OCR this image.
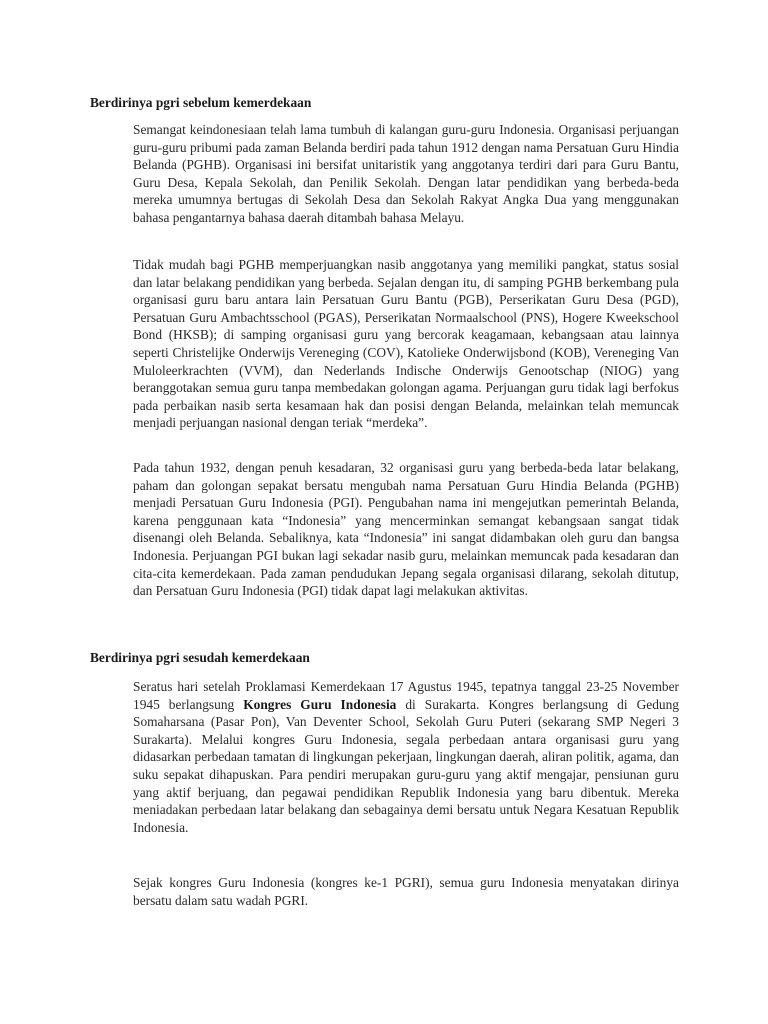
Berdirinya pgri sebelum kemerdekaan

Semangat keindonesiaan telah lama tumbuh di kalangan guru-guru Indonesia. Organisasi perjuangan guru-guru pribumi pada zaman Belanda berdiri pada tahun 1912 dengan nama Persatuan Guru Hindia Belanda (PGHB). Organisasi ini bersifat unitaristik yang anggotanya terdiri dari para Guru Bantu, Guru Desa, Kepala Sekolah, dan Penilik Sekolah. Dengan latar pendidikan yang berbeda-beda mereka umumnya bertugas di Sekolah Desa dan Sekolah Rakyat Angka Dua yang menggunakan bahasa pengantarnya bahasa daerah ditambah bahasa Melayu.

Tidak mudah bagi PGHB memperjuangkan nasib anggotanya yang memiliki pangkat, status sosial dan latar belakang pendidikan yang berbeda. Sejalan dengan itu, di samping PGHB berkembang pula organisasi guru baru antara lain Persatuan Guru Bantu (PGB), Perserikatan Guru Desa (PGD), Persatuan Guru Ambachtsschool (PGAS), Perserikatan Normaalschool (PNS), Hogere Kweekschool Bond (HKSB); di samping organisasi guru yang bercorak keagamaan, kebangsaan atau lainnya seperti Christelijke Onderwijs Vereneging (COV), Katolieke Onderwijsbond (KOB), Vereneging Van Muloleerkrachten (VVM), dan Nederlands Indische Onderwijs Genootschap (NIOG) yang beranggotakan semua guru tanpa membedakan golongan agama. Perjuangan guru tidak lagi berfokus pada perbaikan nasib serta kesamaan hak dan posisi dengan Belanda, melainkan telah memuncak menjadi perjuangan nasional dengan teriak “merdeka”.

Pada tahun 1932, dengan penuh kesadaran, 32 organisasi guru yang berbeda-beda latar belakang, paham dan golongan sepakat bersatu mengubah nama Persatuan Guru Hindia Belanda (PGHB) menjadi Persatuan Guru Indonesia (PGI). Pengubahan nama ini mengejutkan pemerintah Belanda, karena penggunaan kata “Indonesia” yang mencerminkan semangat kebangsaan sangat tidak disenangi oleh Belanda. Sebaliknya, kata “Indonesia” ini sangat didambakan oleh guru dan bangsa Indonesia. Perjuangan PGI bukan lagi sekadar nasib guru, melainkan memuncak pada kesadaran dan cita-cita kemerdekaan. Pada zaman pendudukan Jepang segala organisasi dilarang, sekolah ditutup, dan Persatuan Guru Indonesia (PGI) tidak dapat lagi melakukan aktivitas.

Berdirinya pgri sesudah kemerdekaan

Seratus hari setelah Proklamasi Kemerdekaan 17 Agustus 1945, tepatnya tanggal 23-25 November 1945 berlangsung Kongres Guru Indonesia di Surakarta. Kongres berlangsung di Gedung Somaharsana (Pasar Pon), Van Deventer School, Sekolah Guru Puteri (sekarang SMP Negeri 3 Surakarta). Melalui kongres Guru Indonesia, segala perbedaan antara organisasi guru yang didasarkan perbedaan tamatan di lingkungan pekerjaan, lingkungan daerah, aliran politik, agama, dan suku sepakat dihapuskan. Para pendiri merupakan guru-guru yang aktif mengajar, pensiunan guru yang aktif berjuang, dan pegawai pendidikan Republik Indonesia yang baru dibentuk. Mereka meniadakan perbedaan latar belakang dan sebagainya demi bersatu untuk Negara Kesatuan Republik Indonesia.

Sejak kongres Guru Indonesia (kongres ke-1 PGRI), semua guru Indonesia menyatakan dirinya bersatu dalam satu wadah PGRI.
